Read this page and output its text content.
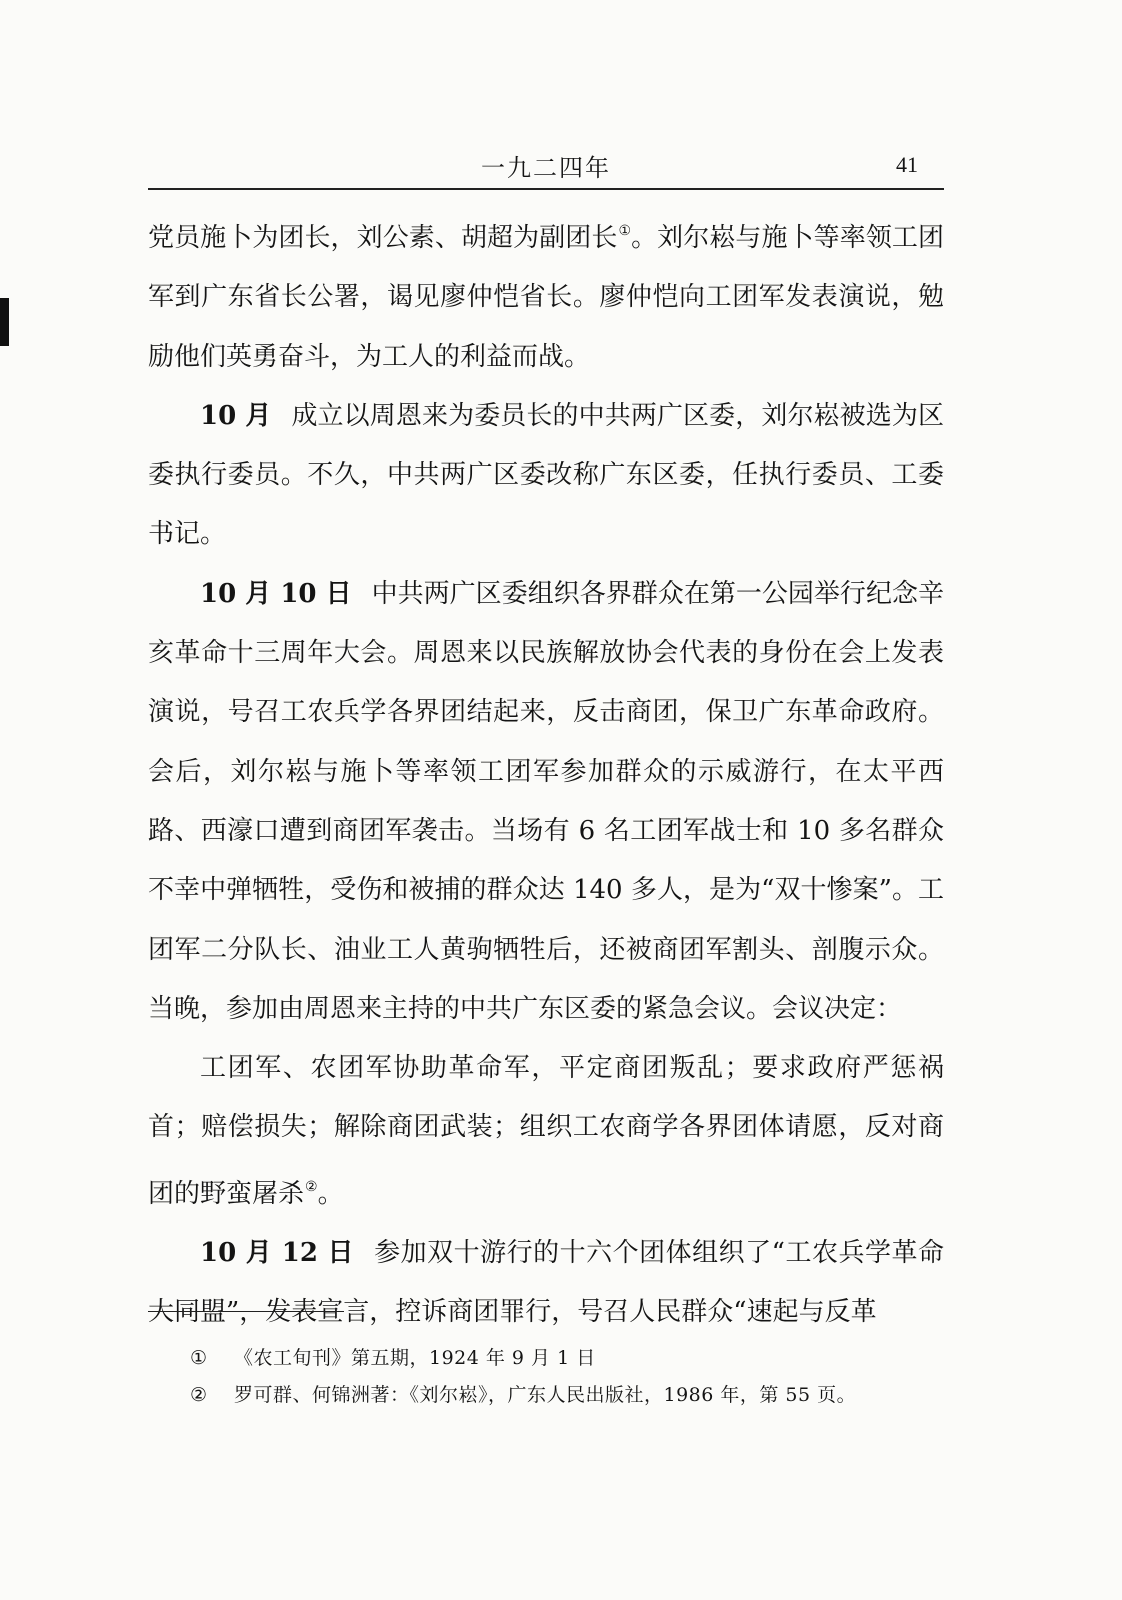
一九二四年	41

党员施卜为团长，刘公素、胡超为副团长①。刘尔崧与施卜等率领工团军到广东省长公署，谒见廖仲恺省长。廖仲恺向工团军发表演说，勉励他们英勇奋斗，为工人的利益而战。

10 月 成立以周恩来为委员长的中共两广区委，刘尔崧被选为区委执行委员。不久，中共两广区委改称广东区委，任执行委员、工委书记。

10 月 10 日 中共两广区委组织各界群众在第一公园举行纪念辛亥革命十三周年大会。周恩来以民族解放协会代表的身份在会上发表演说，号召工农兵学各界团结起来，反击商团，保卫广东革命政府。会后，刘尔崧与施卜等率领工团军参加群众的示威游行，在太平西路、西濠口遭到商团军袭击。当场有 6 名工团军战士和 10 多名群众不幸中弹牺牲，受伤和被捕的群众达 140 多人，是为“双十惨案”。工团军二分队长、油业工人黄驹牺牲后，还被商团军割头、剖腹示众。当晚，参加由周恩来主持的中共广东区委的紧急会议。会议决定：

工团军、农团军协助革命军，平定商团叛乱；要求政府严惩祸首；赔偿损失；解除商团武装；组织工农商学各界团体请愿，反对商团的野蛮屠杀②。

10 月 12 日 参加双十游行的十六个团体组织了“工农兵学革命大同盟”，发表宣言，控诉商团罪行，号召人民群众“速起与反革

① 《农工旬刊》第五期，1924 年 9 月 1 日
② 罗可群、何锦洲著：《刘尔崧》，广东人民出版社，1986 年，第 55 页。
